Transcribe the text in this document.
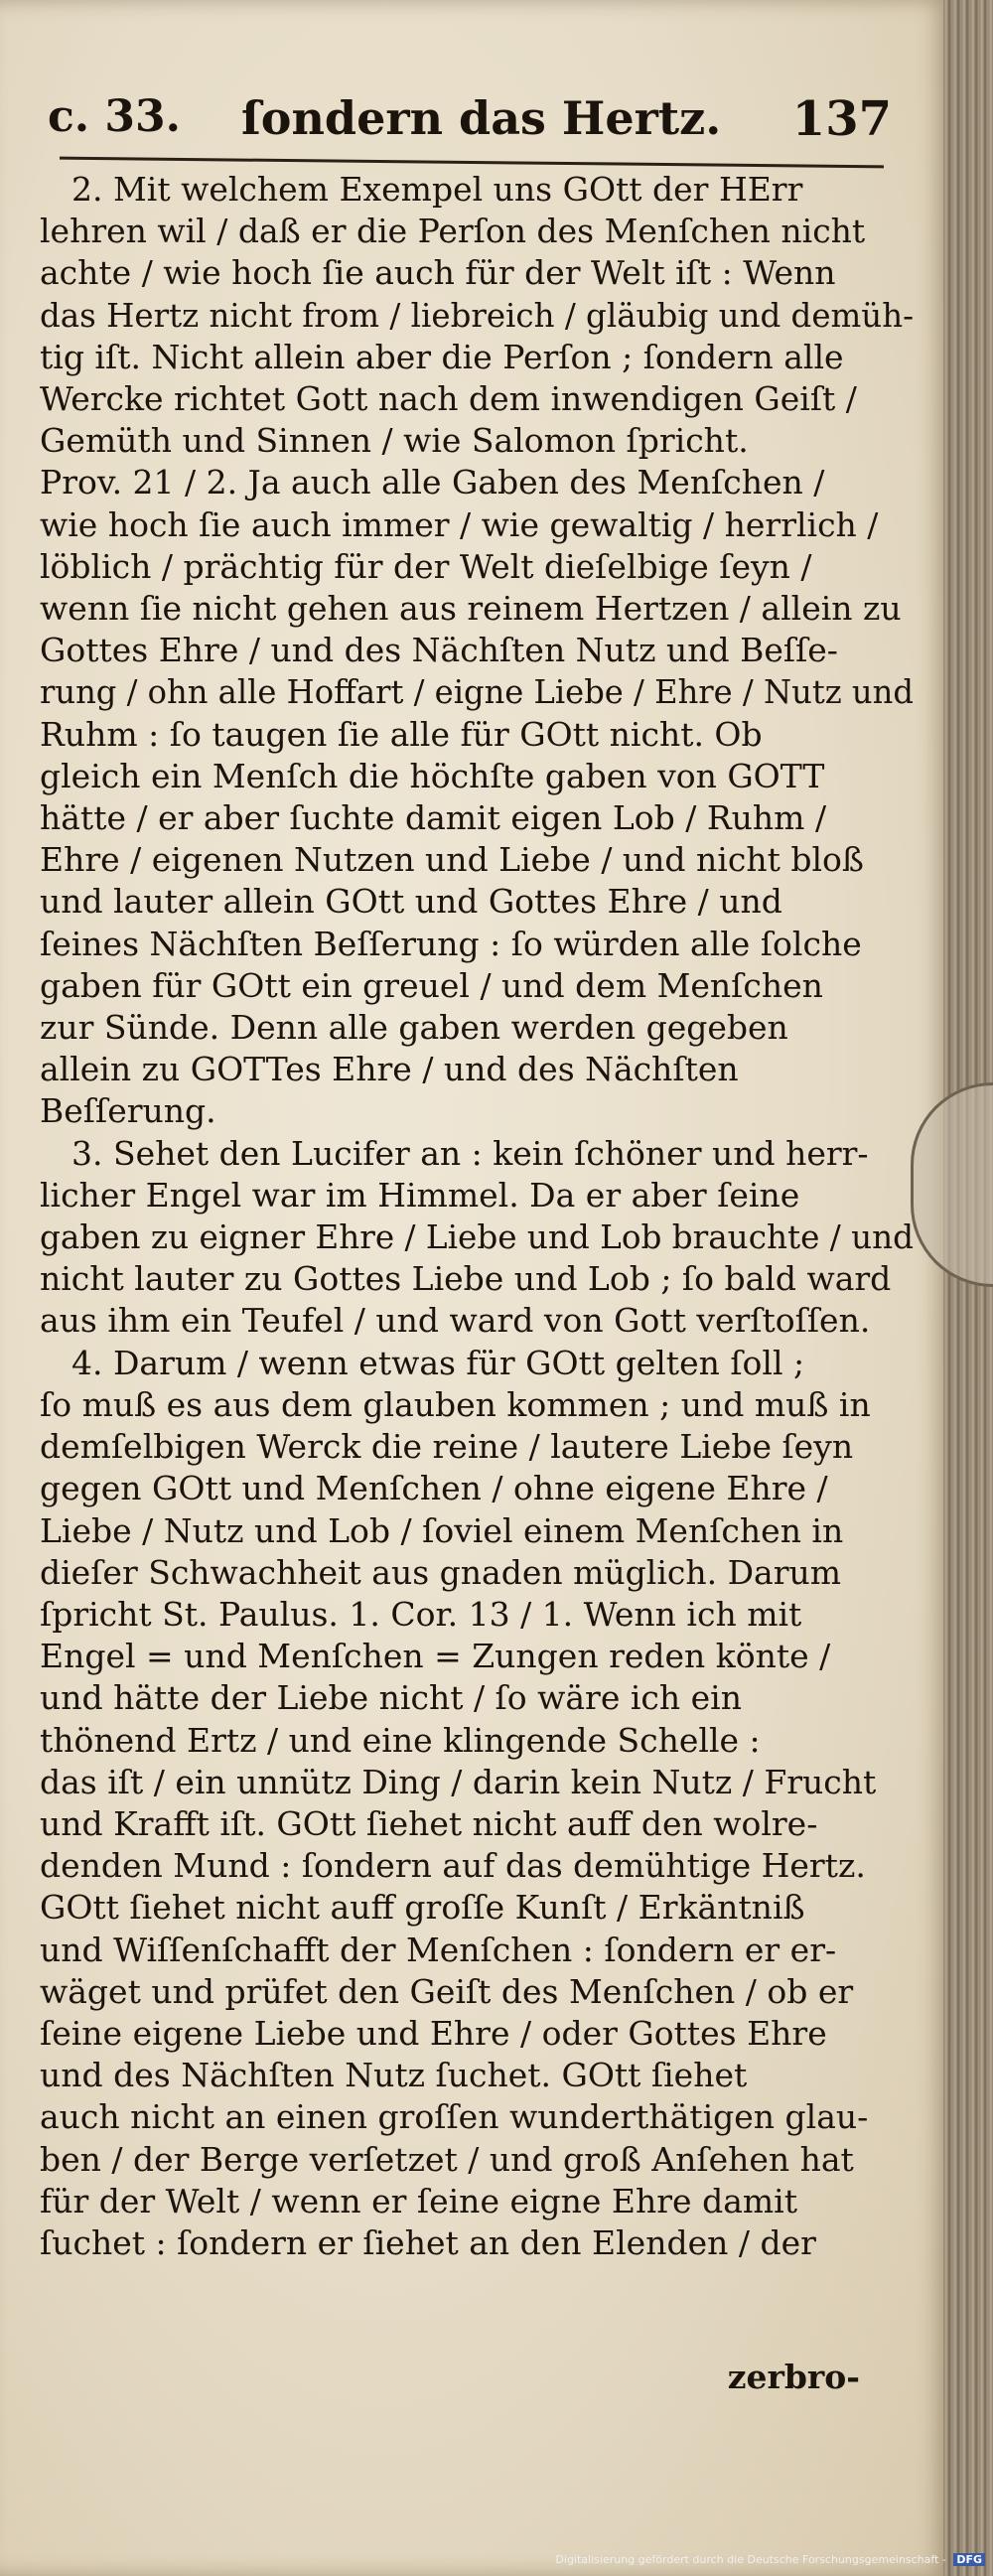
c. 33. ſondern das Hertz. 137
2. Mit welchem Exempel uns GOtt der HErr
lehren wil / daß er die Perſon des Menſchen nicht
achte / wie hoch ſie auch für der Welt iſt : Wenn
das Hertz nicht from / liebreich / gläubig und demüh-
tig iſt. Nicht allein aber die Perſon ; ſondern alle
Wercke richtet Gott nach dem inwendigen Geiſt /
Gemüth und Sinnen / wie Salomon ſpricht.
Prov. 21 / 2. Ja auch alle Gaben des Menſchen /
wie hoch ſie auch immer / wie gewaltig / herrlich /
löblich / prächtig für der Welt dieſelbige ſeyn /
wenn ſie nicht gehen aus reinem Hertzen / allein zu
Gottes Ehre / und des Nächſten Nutz und Beſſe-
rung / ohn alle Hoffart / eigne Liebe / Ehre / Nutz und
Ruhm : ſo taugen ſie alle für GOtt nicht. Ob
gleich ein Menſch die höchſte gaben von GOTT
hätte / er aber ſuchte damit eigen Lob / Ruhm /
Ehre / eigenen Nutzen und Liebe / und nicht bloß
und lauter allein GOtt und Gottes Ehre / und
ſeines Nächſten Beſſerung : ſo würden alle ſolche
gaben für GOtt ein greuel / und dem Menſchen
zur Sünde. Denn alle gaben werden gegeben
allein zu GOTTes Ehre / und des Nächſten
Beſſerung.
3. Sehet den Lucifer an : kein ſchöner und herr-
licher Engel war im Himmel. Da er aber ſeine
gaben zu eigner Ehre / Liebe und Lob brauchte / und
nicht lauter zu Gottes Liebe und Lob ; ſo bald ward
aus ihm ein Teufel / und ward von Gott verſtoſſen.
4. Darum / wenn etwas für GOtt gelten ſoll ;
ſo muß es aus dem glauben kommen ; und muß in
demſelbigen Werck die reine / lautere Liebe ſeyn
gegen GOtt und Menſchen / ohne eigene Ehre /
Liebe / Nutz und Lob / ſoviel einem Menſchen in
dieſer Schwachheit aus gnaden müglich. Darum
ſpricht St. Paulus. 1. Cor. 13 / 1. Wenn ich mit
Engel = und Menſchen = Zungen reden könte /
und hätte der Liebe nicht / ſo wäre ich ein
thönend Ertz / und eine klingende Schelle :
das iſt / ein unnütz Ding / darin kein Nutz / Frucht
und Krafft iſt. GOtt ſiehet nicht auff den wolre-
denden Mund : ſondern auf das demühtige Hertz.
GOtt ſiehet nicht auff groſſe Kunſt / Erkäntniß
und Wiſſenſchafft der Menſchen : ſondern er er-
wäget und prüfet den Geiſt des Menſchen / ob er
ſeine eigene Liebe und Ehre / oder Gottes Ehre
und des Nächſten Nutz ſuchet. GOtt ſiehet
auch nicht an einen groſſen wunderthätigen glau-
ben / der Berge verſetzet / und groß Anſehen hat
für der Welt / wenn er ſeine eigne Ehre damit
ſuchet : ſondern er ſiehet an den Elenden / der
zerbro-
Digitalisierung gefördert durch die Deutsche Forschungsgemeinschaft - DFG
